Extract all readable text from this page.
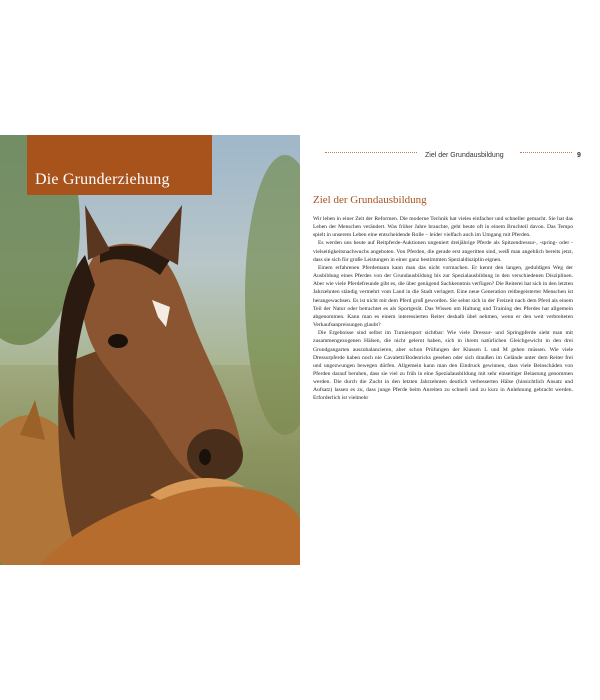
Die Grunderziehung
Ziel der Grundausbildung	9
Ziel der Grundausbildung

Wir leben in einer Zeit der Reformen. Die moderne Technik hat vieles einfacher und schneller gemacht. Sie hat das Leben der Menschen verändert. Was früher Jahre brauchte, geht heute oft in einem Bruchteil davon. Das Tempo spielt in unserem Leben eine entscheidende Rolle – leider vielfach auch im Umgang mit Pferden.

Es werden uns heute auf Reitpferde-Auktionen ungeniert dreijährige Pferde als Spitzendressur-, -spring- oder -vielseitigkeitsnachwuchs angeboten. Von Pferden, die gerade erst angeritten sind, weiß man angeblich bereits jetzt, dass sie sich für große Leistungen in einer ganz bestimmten Spezialdisziplin eignen.

Einem erfahrenen Pferdemann kann man das nicht vormachen. Er kennt den langen, geduldigen Weg der Ausbildung eines Pferdes von der Grundausbildung bis zur Spezialausbildung in den verschiedenen Disziplinen. Aber wie viele Pferdefreunde gibt es, die über genügend Sachkenntnis verfügen? Die Reiterei hat sich in den letzten Jahrzehnten ständig vermehrt vom Land in die Stadt verlagert. Eine neue Generation reitbegeisterter Menschen ist herangewachsen. Es ist nicht mit dem Pferd groß geworden. Sie sehnt sich in der Freizeit nach dem Pferd als einem Teil der Natur oder betrachtet es als Sportgerät. Das Wissen um Haltung und Training des Pferdes hat allgemein abgenommen. Kann man es einem interessierten Reiter deshalb übel nehmen, wenn er den weit verbreiteten Verkaufsanpreisungen glaubt?

Die Ergebnisse sind selbst im Turniersport sichtbar: Wie viele Dressur- und Springpferde sieht man mit zusammengezogenen Hälsen, die nicht gelernt haben, sich in ihrem natürlichen Gleichgewicht in den drei Grundgangarten auszubalancieren, aber schon Prüfungen der Klassen L und M gehen müssen. Wie viele Dressurpferde haben noch nie Cavaletti/Bodenricks gesehen oder sich draußen im Gelände unter dem Reiter frei und ungezwungen bewegen dürfen. Allgemein kann man den Eindruck gewinnen, dass viele Beinschäden von Pferden darauf beruhen, dass sie viel zu früh in eine Spezialausbildung mit sehr einseitiger Belastung genommen werden. Die durch die Zucht in den letzten Jahrzehnten deutlich verbesserten Hälse (hinsichtlich Ansatz und Aufsatz) lassen es zu, dass junge Pferde beim Anreiten zu schnell und zu kurz in Anlehnung gebracht werden. Erforderlich ist vielmehr
